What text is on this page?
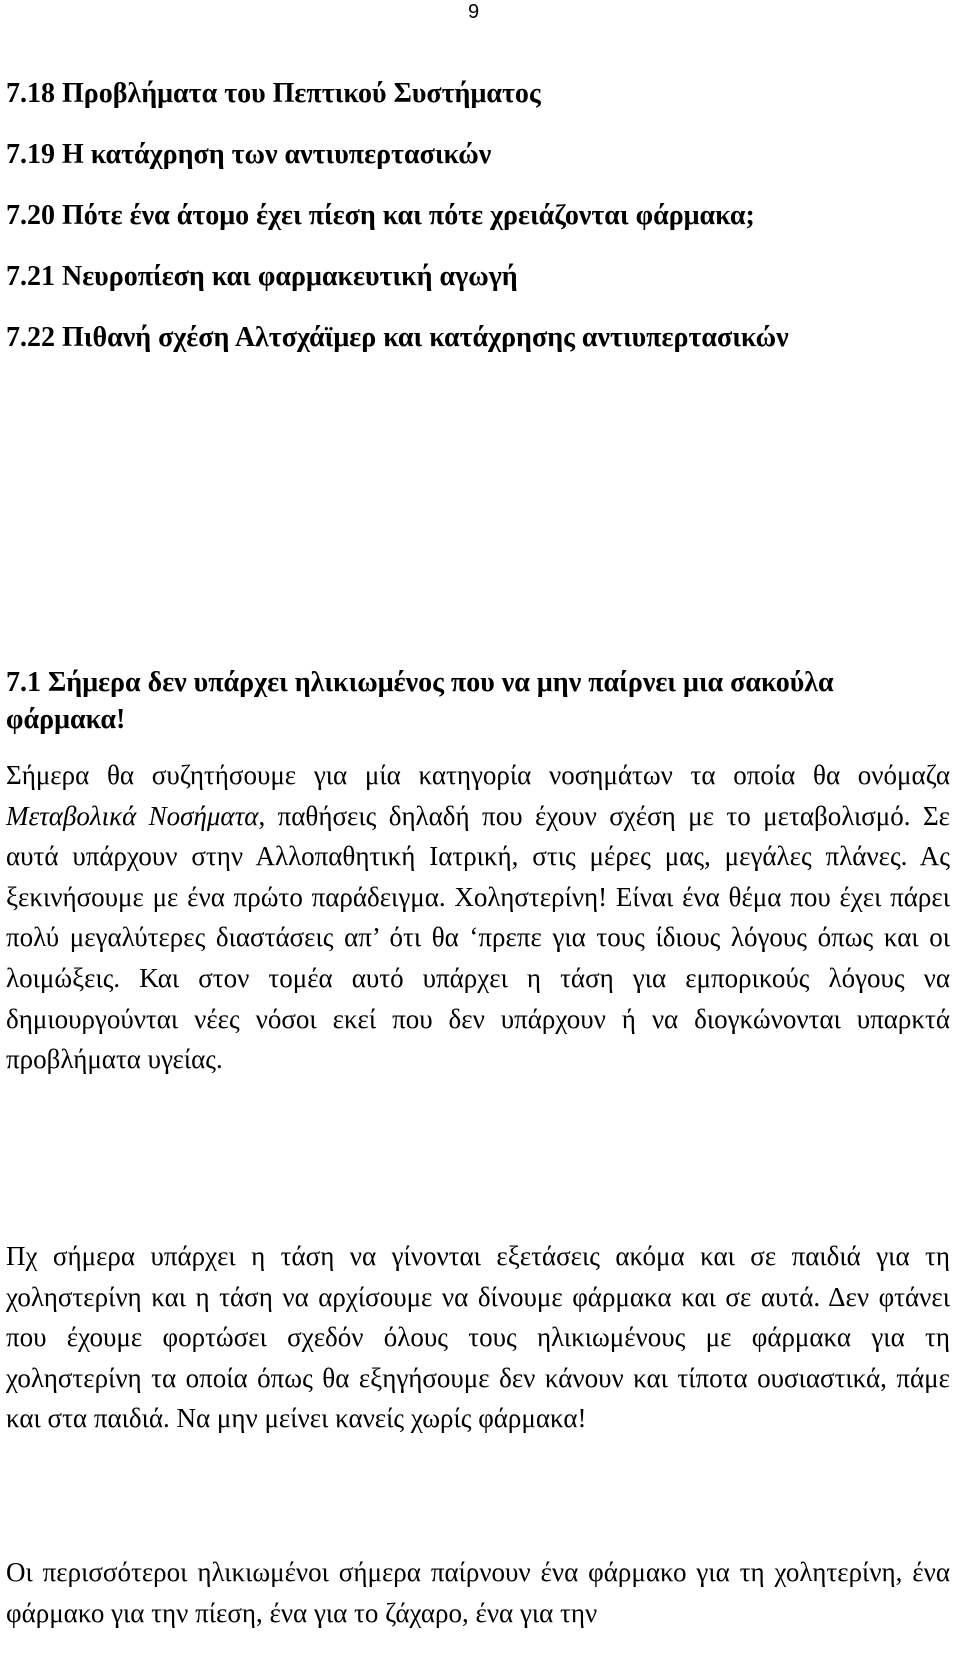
9
7.18 Προβλήματα του Πεπτικού Συστήματος
7.19 Η κατάχρηση των αντιυπερτασικών
7.20 Πότε ένα άτομο έχει πίεση και πότε χρειάζονται φάρμακα;
7.21 Νευροπίεση και φαρμακευτική αγωγή
7.22 Πιθανή σχέση Αλτσχάϊμερ και κατάχρησης αντιυπερτασικών
7.1 Σήμερα δεν υπάρχει ηλικιωμένος που να μην παίρνει μια σακούλα φάρμακα!

Σήμερα θα συζητήσουμε για μία κατηγορία νοσημάτων τα οποία θα ονόμαζα Μεταβολικά Νοσήματα, παθήσεις δηλαδή που έχουν σχέση με το μεταβολισμό. Σε αυτά υπάρχουν στην Αλλοπαθητική Ιατρική, στις μέρες μας, μεγάλες πλάνες. Ας ξεκινήσουμε με ένα πρώτο παράδειγμα. Χοληστερίνη! Είναι ένα θέμα που έχει πάρει πολύ μεγαλύτερες διαστάσεις απ’ ότι θα ‘πρεπε για τους ίδιους λόγους όπως και οι λοιμώξεις. Και στον τομέα αυτό υπάρχει η τάση για εμπορικούς λόγους να δημιουργούνται νέες νόσοι εκεί που δεν υπάρχουν ή να διογκώνονται υπαρκτά προβλήματα υγείας.

Πχ σήμερα υπάρχει η τάση να γίνονται εξετάσεις ακόμα και σε παιδιά για τη χοληστερίνη και η τάση να αρχίσουμε να δίνουμε φάρμακα και σε αυτά. Δεν φτάνει που έχουμε φορτώσει σχεδόν όλους τους ηλικιωμένους με φάρμακα για τη χοληστερίνη τα οποία όπως θα εξηγήσουμε δεν κάνουν και τίποτα ουσιαστικά, πάμε και στα παιδιά. Να μην μείνει κανείς χωρίς φάρμακα!

Οι περισσότεροι ηλικιωμένοι σήμερα παίρνουν ένα φάρμακο για τη χολητερίνη, ένα φάρμακο για την πίεση, ένα για το ζάχαρο, ένα για την
